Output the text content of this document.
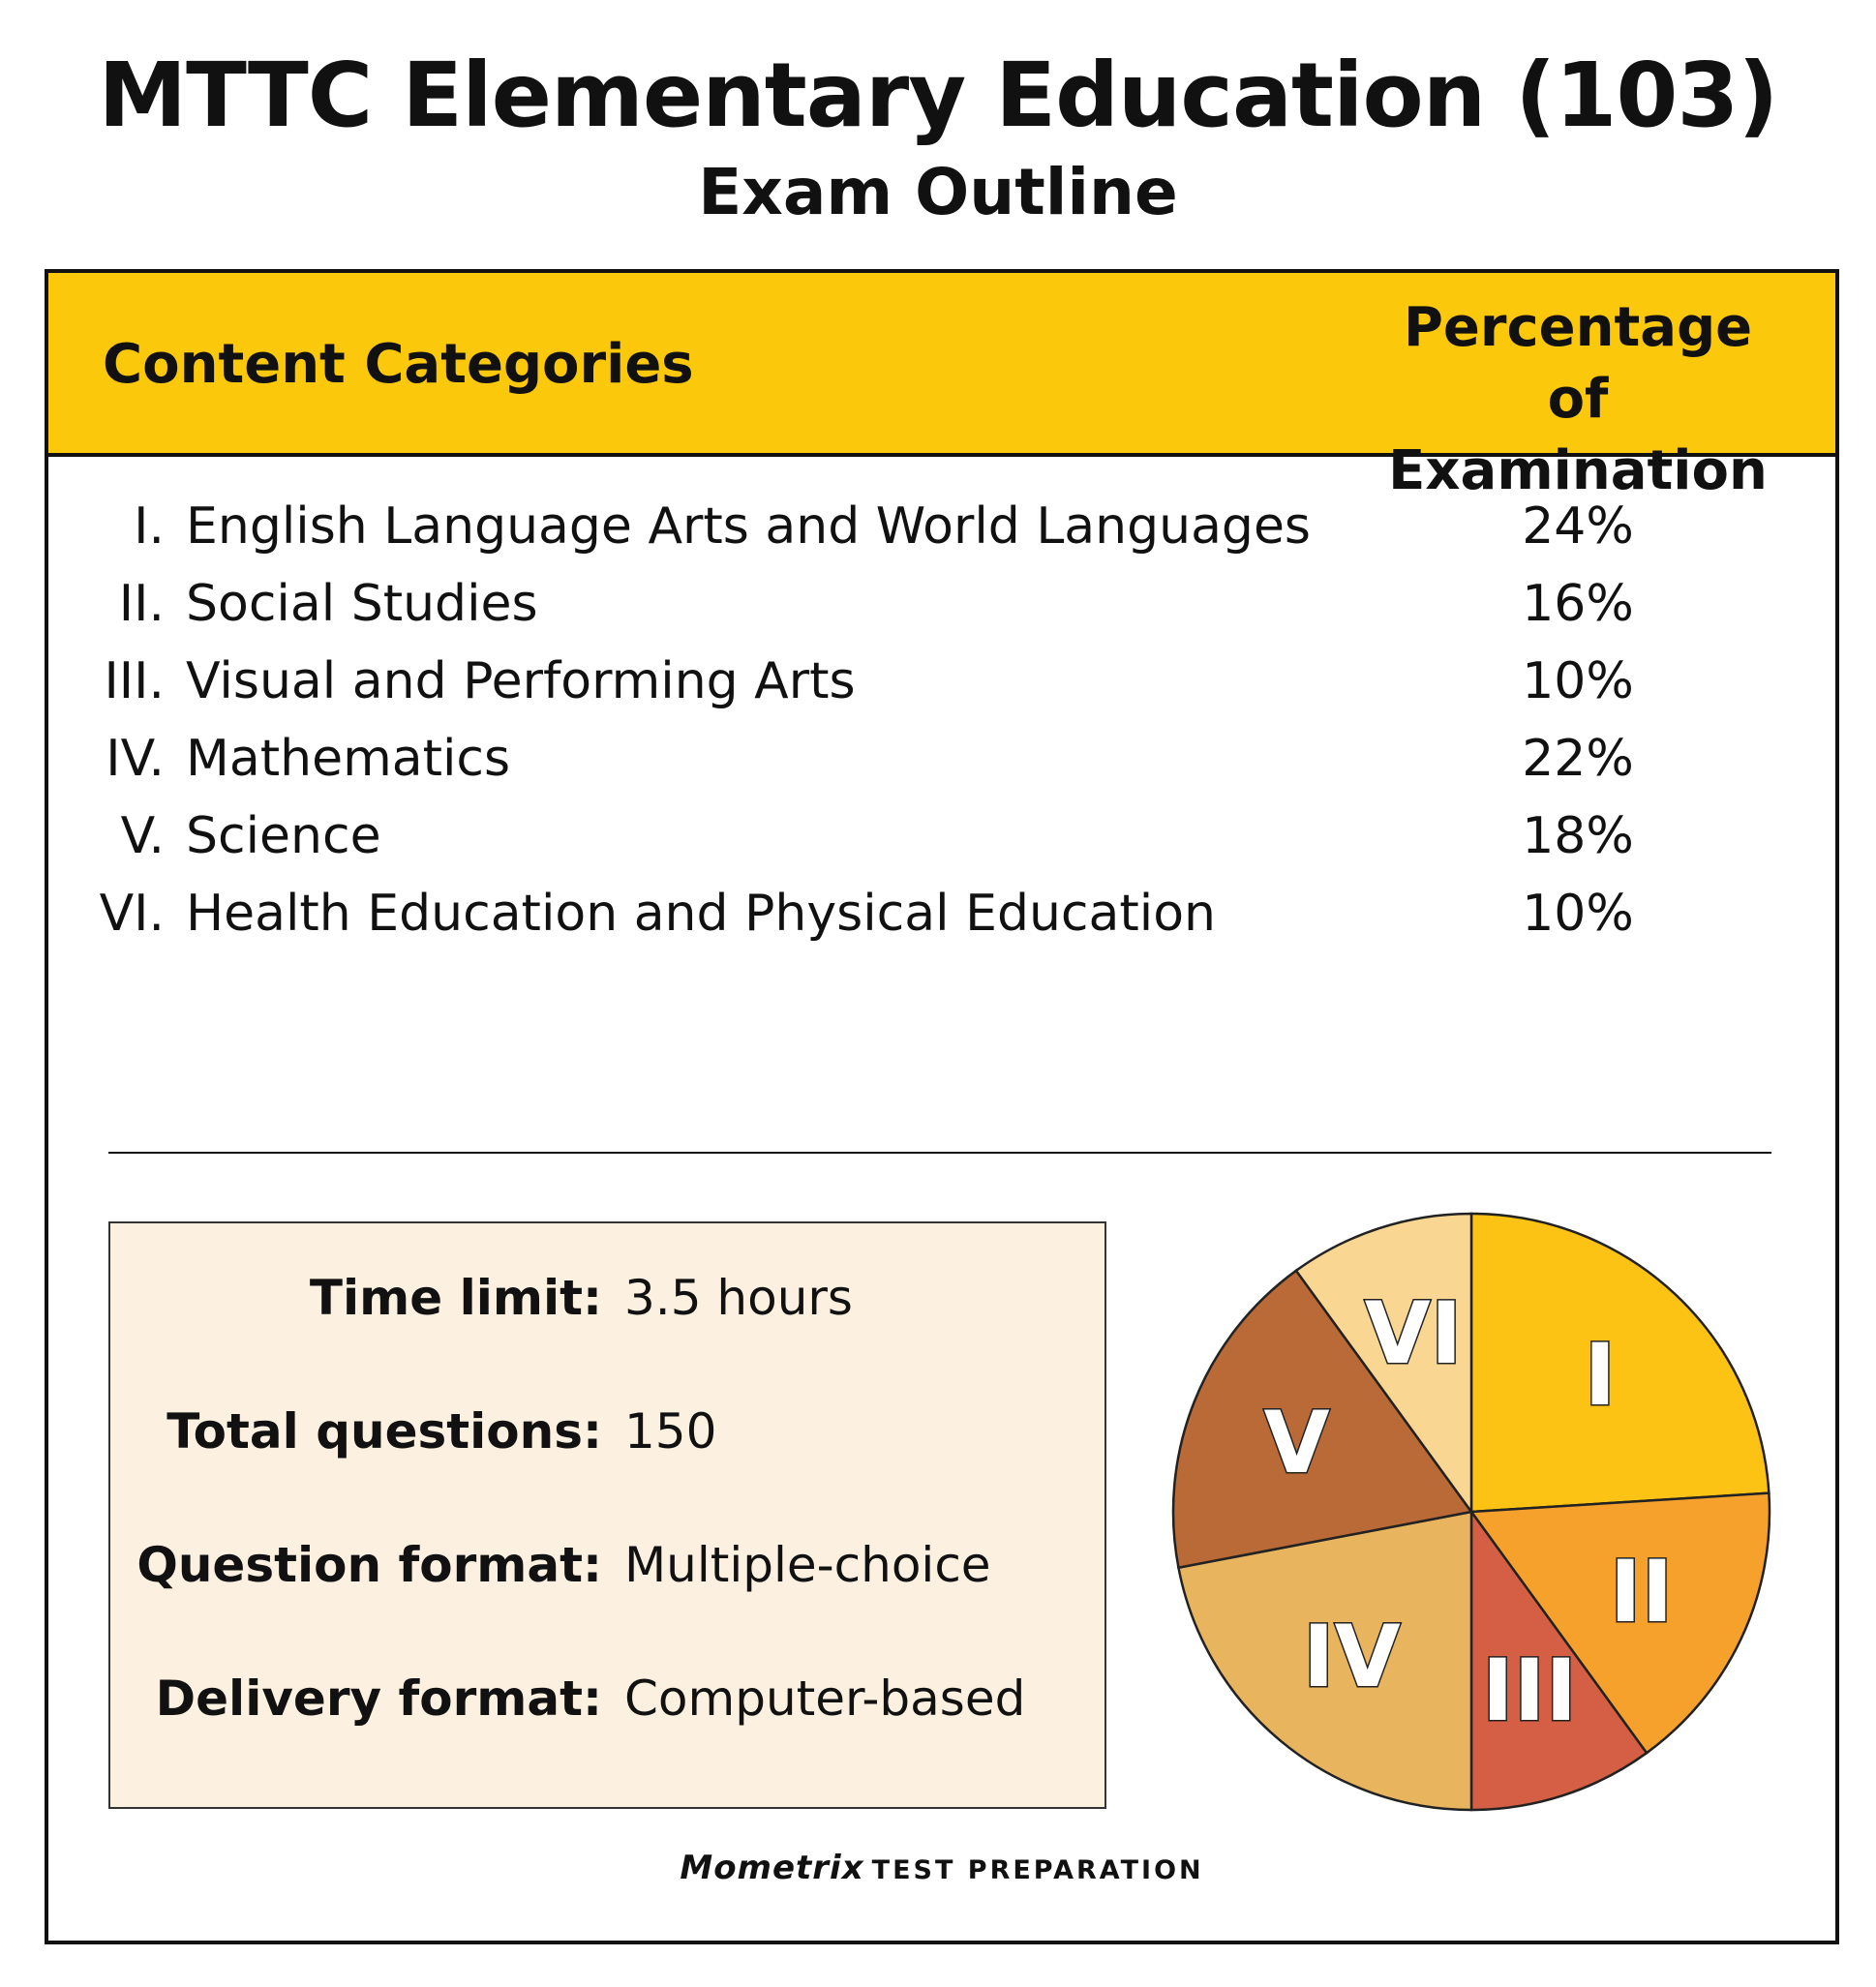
MTTC Elementary Education (103)
Exam Outline
Content Categories
Percentage of
Examination
I. English Language Arts and World Languages	24%
II. Social Studies	16%
III. Visual and Performing Arts	10%
IV. Mathematics	22%
V. Science	18%
VI. Health Education and Physical Education	10%
Time limit: 3.5 hours
Total questions: 150
Question format: Multiple-choice
Delivery format: Computer-based
I
II
III
IV
V
VI
Mometrix TEST PREPARATION
